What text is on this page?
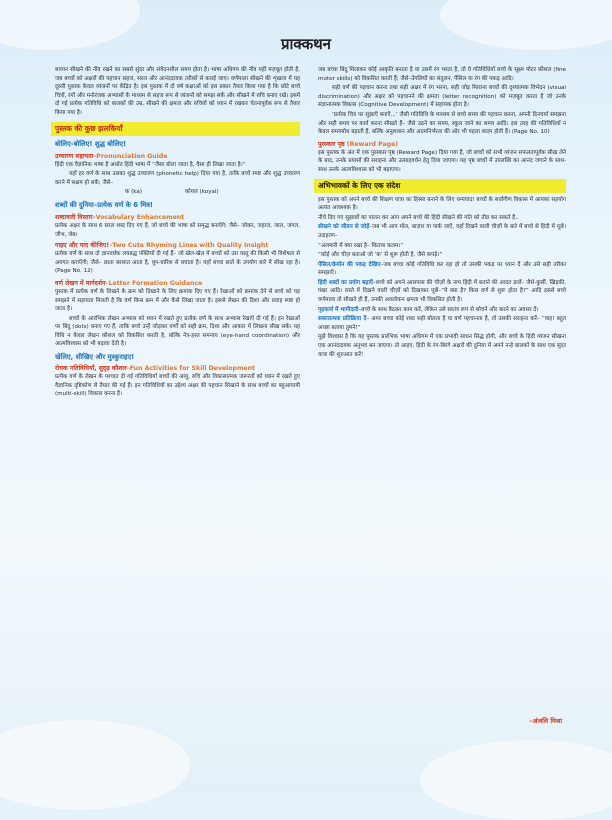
प्राक्कथन

बचपन सीखने की नींव रखने का सबसे सुंदर और संवेदनशील समय होता है। भाषा अधिगम की नींव यहीं मज़बूत होती है, जब बच्चों को अक्षरों की पहचान सहज, सरल और आनंददायक तरीकों से कराई जाए। वर्णमाला सीखने की शृंखला में यह दूसरी पुस्तक केवल व्यंजनों पर केंद्रित है। इस पुस्तक में दो वर्ष कक्षाओं को इस प्रकार तैयार किया गया है कि छोटे बच्चे चित्रों, रंगों और मनोरंजक अभ्यासों के माध्यम से सहज रूप से व्यंजनों को समझ सकें और सीखने में रुचि बनाए रखें। इसमें दो गई प्रत्येक गतिविधि को बालकों की उम्र, सीखने की क्षमता और रुचियों को ध्यान में रखकर चेतनापूर्वक रूप से तैयार किया गया है।

पुस्तक की कुछ झलकियाँ
बोलिए-बोलिए! शुद्ध बोलिए!
उच्चारण सहायता–Pronunciation Guide

हिंदी एक वैज्ञानिक भाषा है अर्थात हिंदी भाषा में “जैसा बोला जाता है, वैसा ही लिखा जाता है।”

यहाँ हर वर्ण के साथ उसका शुद्ध उच्चारण (phonetic help) दिया गया है, ताकि बच्चे स्पष्ट और शुद्ध उच्चारण करने में सक्षम हो सकें; जैसे–

क (ka)	कोयल (koyal)
शब्दों की दुनिया–प्रत्येक वर्ण के 6 मित्र!
शब्दावली विस्तार–Vocabulary Enhancement

प्रत्येक अक्षर के साथ 6 सरल शब्द दिए गए हैं, जो बच्चे की भाषा को समृद्ध बनाएँगे; जैसे– जोकर, जहाज, जाल, जंगल, जीभ, जेब।

गाइए और याद कीजिए!–Two Cute Rhyming Lines with Quality Insight

प्रत्येक वर्ण के साथ दो ज्ञानवर्धक लयबद्ध पंक्तियाँ दी गई हैं– जो खेल-खेल में बच्चों को उस वस्तु की किसी भी विशेषता से अवगत कराएँगी; जैसे– छाता बरसात आता है, धूप-बारिश से बचाता है। यहाँ बच्चा छाते के उपयोग बारे में सीख रहा है। (Page No. 12)

वर्ण लेखन में मार्गदर्शन–Letter Formation Guidance

पुस्तक में प्रत्येक वर्ण के लिखने के क्रम को दिखाने के लिए क्रमांक दिए गए हैं। रेखाओं को क्रमांक देने से बच्चे को यह समझने में सहायता मिलती है कि वर्ण किस क्रम में और कैसे लिखा जाता है। इससे लेखन की दिशा और प्रवाह स्पष्ट हो जाता है।

बच्चों के आरंभिक लेखन अभ्यास को ध्यान में रखते हुए प्रत्येक वर्ण के साथ अभ्यास रेखाएँ दी गई हैं। इन रेखाओं पर बिंदु (dots) बनाए गए हैं, ताकि बच्चे उन्हें जोड़कर वर्णों को सही क्रम, दिशा और आकार में लिखना सीख सकें। यह विधि न केवल लेखन कौशल को विकसित करती है, बल्कि नेत्र-हस्त समन्वय (eye-hand coordination) और आत्मविश्वास को भी बढ़ावा देती है।

खेलिए, सीखिए और मुस्कुराइए!
रोचक गतिविधियाँ, सुदृढ़ कौशल–Fun Activities for Skill Development

प्रत्येक वर्ण के लेखन के पश्चात दी गई गतिविधियाँ बच्चों की आयु, रुचि और विकासात्मक जरूरतों को ध्यान में रखते हुए वैज्ञानिक दृष्टिकोण से तैयार की गई हैं। इन गतिविधियों का उद्देश्य अक्षर की पहचान सिखाने के साथ बच्चों का बहुआयामी (multi-skill) विकास करना है।

जब बच्चा बिंदु मिलाकर कोई आकृति बनाता है या उसमें रंग भरता है, तो ये गतिविधियाँ बच्चे के सूक्ष्म मोटर कौशल (fine motor skills) को विकसित करती हैं; जैसे–उँगलियों का संतुलन, पेंसिल या रंग की पकड़ आदि।

सही वर्ण की पहचान करना तथा सही अक्षर में रंग भरना, सही जोड़ मिलाना बच्चों की दृश्यात्मक विभेदन (visual discrimination) और अक्षर को पहचानने की क्षमता (letter recognition) को मज़बूत करता है जो उनके संज्ञानात्मक विकास (Cognitive Development) में सहायक होता है।

‘प्रत्येक चित्र पर सुझाएँ बनाएँ...’ जैसी गतिविधि के माध्यम से बच्चे समय की पहचान करना, अपनी दिनचर्या समझना और सही समय पर कार्य करना सीखते हैं– जैसे उठने का समय, स्कूल जाने का समय आदि। इस तरह की गतिविधियाँ न केवल समयबोध बढ़ाती हैं, बल्कि अनुशासन और आत्मनिर्भरता की ओर भी पहला कदम होती हैं। (Page No. 10)

पुरस्कार पृष्ठ (Reward Page)

इस पुस्तक के अंत में एक पुरस्कार पृष्ठ (Reward Page) दिया गया है, जो बच्चों को सभी व्यंजन सफलतापूर्वक सीख लेने के बाद, उनके प्रयासों की सराहना और उत्साहवर्धन हेतु दिया जाएगा। यह पृष्ठ बच्चों में उपलब्धि का आनंद जगाने के साथ-साथ उनके आत्मविश्वास को भी बढ़ाएगा।

अभिभावकों के लिए एक संदेश

इस पुस्तक को अपने बच्चे की शिक्षण यात्रा का हिस्सा बनाने के लिए धन्यवाद! बच्चों के सर्वांगीण विकास में आपका सहयोग अत्यंत आवश्यक है।

नीचे दिए गए सुझावों का पालन कर आप अपने बच्चे की हिंदी सीखने की गति को तीव्र कर सकते हैं..

सीखने को जीवन से जोड़ें–जब भी आप मॉल, बाज़ार या पार्क जाएँ, वहाँ दिखने वाली चीज़ों के बारे में बच्चे से हिंदी में पूछें। उदाहरण–

“अलमारी में क्या रखा है– किताब कलम।”

“कोई और चीज़ बताओ जो ‘क’ से शुरू होती है, जैसे कपड़े।”

पेंसिल/क्रेयॉन की पकड़ देखिए–जब बच्चा कोई गतिविधि कर रहा हो तो उसकी पकड़ पर ध्यान दें और उसे सही तरीका समझाएँ।

हिंदी शब्दों का प्रयोग बढ़ाएँ–बच्चे को अपने आसपास की चीज़ों के नाम हिंदी में बताने की आदत डालें– जैसे-कुर्सी, खिड़की, पंखा आदि। रास्ते में दिखने वाली चीज़ों को दिखाकर पूछें–“ये क्या है? किस वर्ण से शुरू होता है?” आदि इससे बच्चे वर्णमाला तो सीखते ही हैं, उनकी अवलोकन क्षमता भी विकसित होती है।

गृहकार्य में भागीदारी–बच्चे के साथ बैठकर काम करें, लेकिन उसे स्वतंत्र रूप से सोचने और करने का अवसर दें।

सकारात्मक प्रतिक्रिया दें– अगर बच्चा कोई शब्द सही बोलता है या वर्ण पहचानता है, तो उसकी सराहना करें– “वाह! बहुत अच्छा बताया तुमने!”

मुझे विश्वास है कि यह पुस्तक प्रारंभिक भाषा अधिगम में एक प्रभावी साधन सिद्ध होगी, और बच्चे के हिंदी व्यंजन सीखना एक आनंददायक अनुभव बन जाएगा। तो आइए, हिंदी के रंग-बिरंगे अक्षरों की दुनिया में अपने नन्हे बालकों के साथ एक सुंदर यात्रा की शुरुआत करें!

–अंजलि मिश्रा
